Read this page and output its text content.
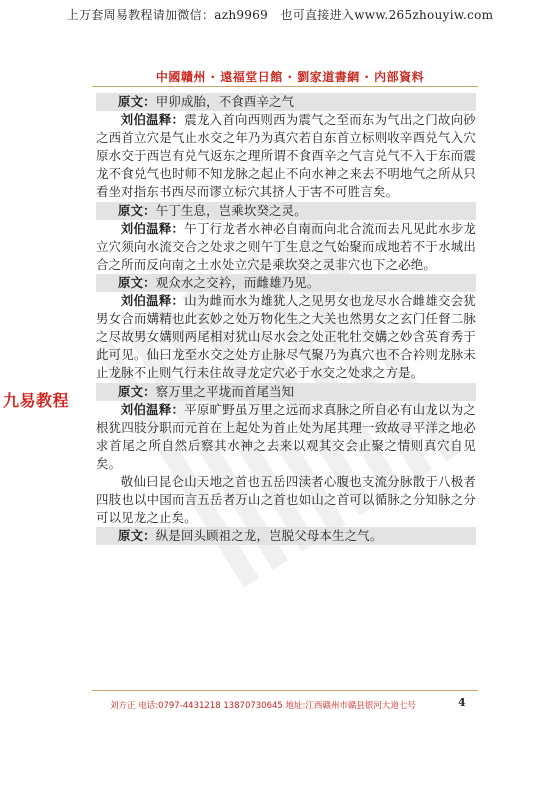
上万套周易教程请加微信：azh9969　也可直接进入www.265zhouyiw.com
中國贛州 · 遠福堂日館 · 劉家道書網 · 内部資料
九易教程

原文：甲卯成胎，不食酉辛之气

刘伯温释：震龙入首向西则西为震气之至而东为气出之门故向砂之西首立穴是气止水交之年乃为真穴若自东首立标则收辛酉兑气入穴原水交于西岂有兑气返东之理所谓不食酉辛之气言兑气不入于东而震龙不食兑气也时师不知龙脉之起止不向水神之来去不明地气之所从只看坐对指东书西尽而谬立标穴其挤人于害不可胜言矣。

原文：午丁生息，岂乘坎癸之灵。

刘伯温释：午丁行龙者水神必自南而向北合流而去凡见此水步龙立穴须向水流交合之处求之则午丁生息之气始聚而成地若不于水城出合之所而反向南之土水处立穴是乘坎癸之灵非穴也下之必绝。

原文：观众水之交衿，而雌雄乃见。

刘伯温释：山为雌而水为雄犹人之见男女也龙尽水合雌雄交会犹男女合而媾精也此玄妙之处万物化生之大关也然男女之玄门任督二脉之尽故男女媾则两尾相对犹山尽水会之处正牝牡交媾之妙含英育秀于此可见。仙曰龙至水交之处方止脉尽气聚乃为真穴也不合衿则龙脉未止龙脉不止则气行未住故寻龙定穴必于水交之处求之方是。

原文：察万里之平垅而首尾当知

刘伯温释：平原旷野虽万里之远而求真脉之所自必有山龙以为之根犹四肢分职而元首在上起处为首止处为尾其理一致故寻平洋之地必求首尾之所自然后察其水神之去来以观其交会止聚之情则真穴自见矣。

敬仙曰昆仑山天地之首也五岳四渎者心腹也支流分脉散于八极者四肢也以中国而言五岳者万山之首也如山之首可以循脉之分知脉之分可以见龙之止矣。

原文：纵是回头顾祖之龙，岂脱父母本生之气。

刘方正 电话:0797-4431218 13870730645 地址:江西赣州市赣县银河大道七号	4
